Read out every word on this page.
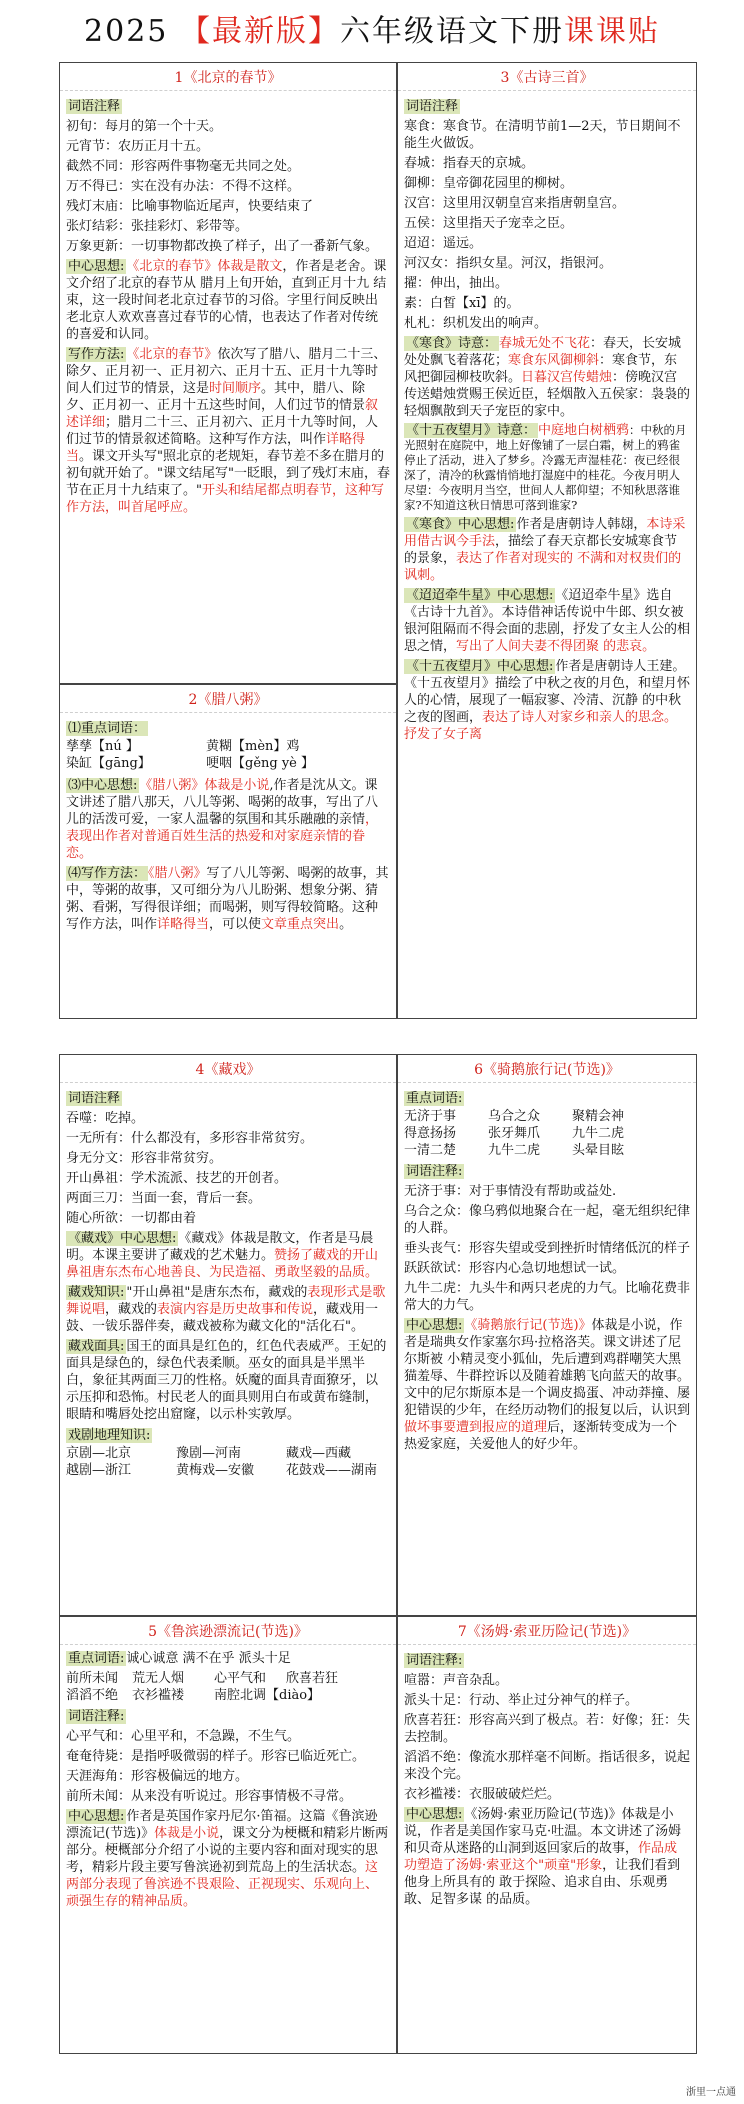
2025 【最新版】六年级语文下册课课贴
1《北京的春节》
词语注释
初旬：每月的第一个十天。
元宵节：农历正月十五。
截然不同：形容两件事物毫无共同之处。
万不得已：实在没有办法：不得不这样。
残灯末庙：比喻事物临近尾声，快要结束了
张灯结彩：张挂彩灯、彩带等。
万象更新：一切事物都改换了样子，出了一番新气象。
中心思想: 《北京的春节》体裁是散文，作者是老舍。课文介绍了北京的春节从 腊月上旬开始，直到正月十九 结束，这一段时间老北京过春节的习俗。字里行间反映出老北京人欢欢喜喜过春节的心情，也表达了作者对传统的喜爱和认同。
写作方法: 《北京的春节》依次写了腊八、腊月二十三、除夕、正月初一、正月初六、正月十五、正月十九等时间人们过节的情景，这是时间顺序。其中，腊八、除夕、正月初一、正月十五这些时间，人们过节的情景叙述详细；腊月二十三、正月初六、正月十九等时间，人们过节的情景叙述简略。这种写作方法，叫作详略得当。课文开头写"照北京的老规矩，春节差不多在腊月的初旬就开始了。"课文结尾写"一眨眼，到了残灯末庙，春节在正月十九结束了。"开头和结尾都点明春节，这种写作方法，叫首尾呼应。
2《腊八粥》
⑴重点词语：
孳孳【nú 】	黄糊【mèn】鸡
染缸【gāng】	哽咽【gěng yè 】
⑶中心思想: 《腊八粥》体裁是小说,作者是沈从文。课文讲述了腊八那天，八儿等粥、喝粥的故事，写出了八儿的活泼可爱，一家人温馨的氛围和其乐融融的亲情，表现出作者对普通百姓生活的热爱和对家庭亲情的眷恋。
⑷写作方法： 《腊八粥》写了八儿等粥、喝粥的故事，其中，等粥的故事，又可细分为八儿盼粥、想象分粥、猜粥、看粥，写得很详细；而喝粥，则写得较简略。这种写作方法，叫作详略得当，可以使文章重点突出。
3《古诗三首》
词语注释
寒食：寒食节。在清明节前1—2天，节日期间不能生火做饭。
春城：指春天的京城。
御柳：皇帝御花园里的柳树。
汉宫：这里用汉朝皇宫来指唐朝皇宫。
五侯：这里指天子宠幸之臣。
迢迢：遥远。
河汉女：指织女星。河汉，指银河。
擢：伸出，抽出。
素：白皙【xī】的。
札札：织机发出的响声。
《寒食》诗意： 春城无处不飞花：春天，长安城处处飘飞着落花；寒食东风御柳斜：寒食节，东风把御园柳枝吹斜。日暮汉宫传蜡烛：傍晚汉宫传送蜡烛赏赐王侯近臣，轻烟散入五侯家：袅袅的轻烟飘散到天子宠臣的家中。
《十五夜望月》诗意： 中庭地白树栖鸦：中秋的月光照射在庭院中，地上好像铺了一层白霜，树上的鸦雀停止了活动，进入了梦乡。冷露无声湿桂花：夜已经很深了，清冷的秋露悄悄地打湿庭中的桂花。今夜月明人尽望：今夜明月当空，世间人人都仰望；不知秋思落谁家?不知道这秋日情思可落到谁家?
《寒食》中心思想: 作者是唐朝诗人韩翃，本诗采用借古讽今手法，描绘了春天京都长安城寒食节的景象，表达了作者对现实的 不满和对权贵们的讽刺。
《迢迢牵牛星》中心思想: 《迢迢牵牛星》选自《古诗十九首》。本诗借神话传说中牛郎、织女被银河阻隔而不得会面的悲剧，抒发了女主人公的相思之情，写出了人间夫妻不得团聚 的悲哀。
《十五夜望月》中心思想: 作者是唐朝诗人王建。《十五夜望月》描绘了中秋之夜的月色，和望月怀人的心情，展现了一幅寂寥、冷清、沉静 的中秋之夜的图画，表达了诗人对家乡和亲人的思念。抒发了女子离
4《藏戏》
词语注释
吞噬：吃掉。
一无所有：什么都没有，多形容非常贫穷。
身无分文：形容非常贫穷。
开山鼻祖：学术流派、技艺的开创者。
两面三刀：当面一套，背后一套。
随心所欲：一切都由着
《藏戏》中心思想: 《藏戏》体裁是散文，作者是马晨明。本课主要讲了藏戏的艺术魅力。赞扬了藏戏的开山鼻祖唐东杰布心地善良、为民造福、勇敢坚毅的品质。
藏戏知识: "开山鼻祖"是唐东杰布，藏戏的表现形式是歌舞说唱，藏戏的表演内容是历史故事和传说，藏戏用一鼓、一钹乐器伴奏，藏戏被称为藏文化的"活化石"。
藏戏面具: 国王的面具是红色的，红色代表威严。王妃的面具是绿色的，绿色代表柔顺。巫女的面具是半黑半白，象征其两面三刀的性格。妖魔的面具青面獠牙，以示压抑和恐怖。村民老人的面具则用白布或黄布缝制，眼睛和嘴唇处挖出窟窿，以示朴实敦厚。
戏剧地理知识:
京剧—北京	豫剧—河南	藏戏—西藏
越剧—浙江	黄梅戏—安徽	花鼓戏——湖南
5《鲁滨逊漂流记(节选)》
重点词语: 诚心诚意 满不在乎 派头十足
前所未闻	荒无人烟	心平气和	欣喜若狂
滔滔不绝	衣衫褴褛	南腔北调【diào】
词语注释:
心平气和：心里平和，不急躁，不生气。
奄奄待毙：是指呼吸微弱的样子。形容已临近死亡。
天涯海角：形容极偏远的地方。
前所未闻：从来没有听说过。形容事情极不寻常。
中心思想: 作者是英国作家丹尼尔·笛福。这篇《鲁滨逊漂流记(节选)》体裁是小说，课文分为梗概和精彩片断两部分。梗概部分介绍了小说的主要内容和面对现实的思考，精彩片段主要写鲁滨逊初到荒岛上的生活状态。这两部分表现了鲁滨逊不畏艰险、正视现实、乐观向上、顽强生存的精神品质。
6《骑鹅旅行记(节选)》
重点词语:
无济于事	乌合之众	聚精会神
得意扬扬	张牙舞爪	九牛二虎
一清二楚	九牛二虎	头晕目眩
词语注释:
无济于事：对于事情没有帮助或益处.
乌合之众：像乌鸦似地聚合在一起，毫无组织纪律的人群。
垂头丧气：形容失望或受到挫折时情绪低沉的样子
跃跃欲试：形容内心急切地想试一试。
九牛二虎：九头牛和两只老虎的力气。比喻花费非常大的力气。
中心思想: 《骑鹅旅行记(节选)》体裁是小说，作者是瑞典女作家塞尔玛·拉格洛芙。课文讲述了尼尔斯被 小精灵变小狐仙，先后遭到鸡群嘲笑大黑猫羞辱、牛群控诉以及随着雄鹅飞向蓝天的故事。文中的尼尔斯原本是一个调皮捣蛋、冲动莽撞、屡犯错误的少年，在经历动物们的报复以后，认识到做坏事要遭到报应的道理后，逐渐转变成为一个热爱家庭，关爱他人的好少年。
7《汤姆·索亚历险记(节选)》
词语注释:
喧嚣：声音杂乱。
派头十足：行动、举止过分神气的样子。
欣喜若狂：形容高兴到了极点。若：好像；狂：失去控制。
滔滔不绝：像流水那样毫不间断。指话很多，说起来没个完。
衣衫褴褛：衣服破破烂烂。
中心思想: 《汤姆·索亚历险记(节选)》体裁是小说，作者是美国作家马克·吐温。本文讲述了汤姆 和贝奇从迷路的山洞到返回家后的故事，作品成功塑造了汤姆·索亚这个"顽童"形象，让我们看到他身上所具有的 敢于探险、追求自由、乐观勇敢、足智多谋 的品质。
浙里一点通
